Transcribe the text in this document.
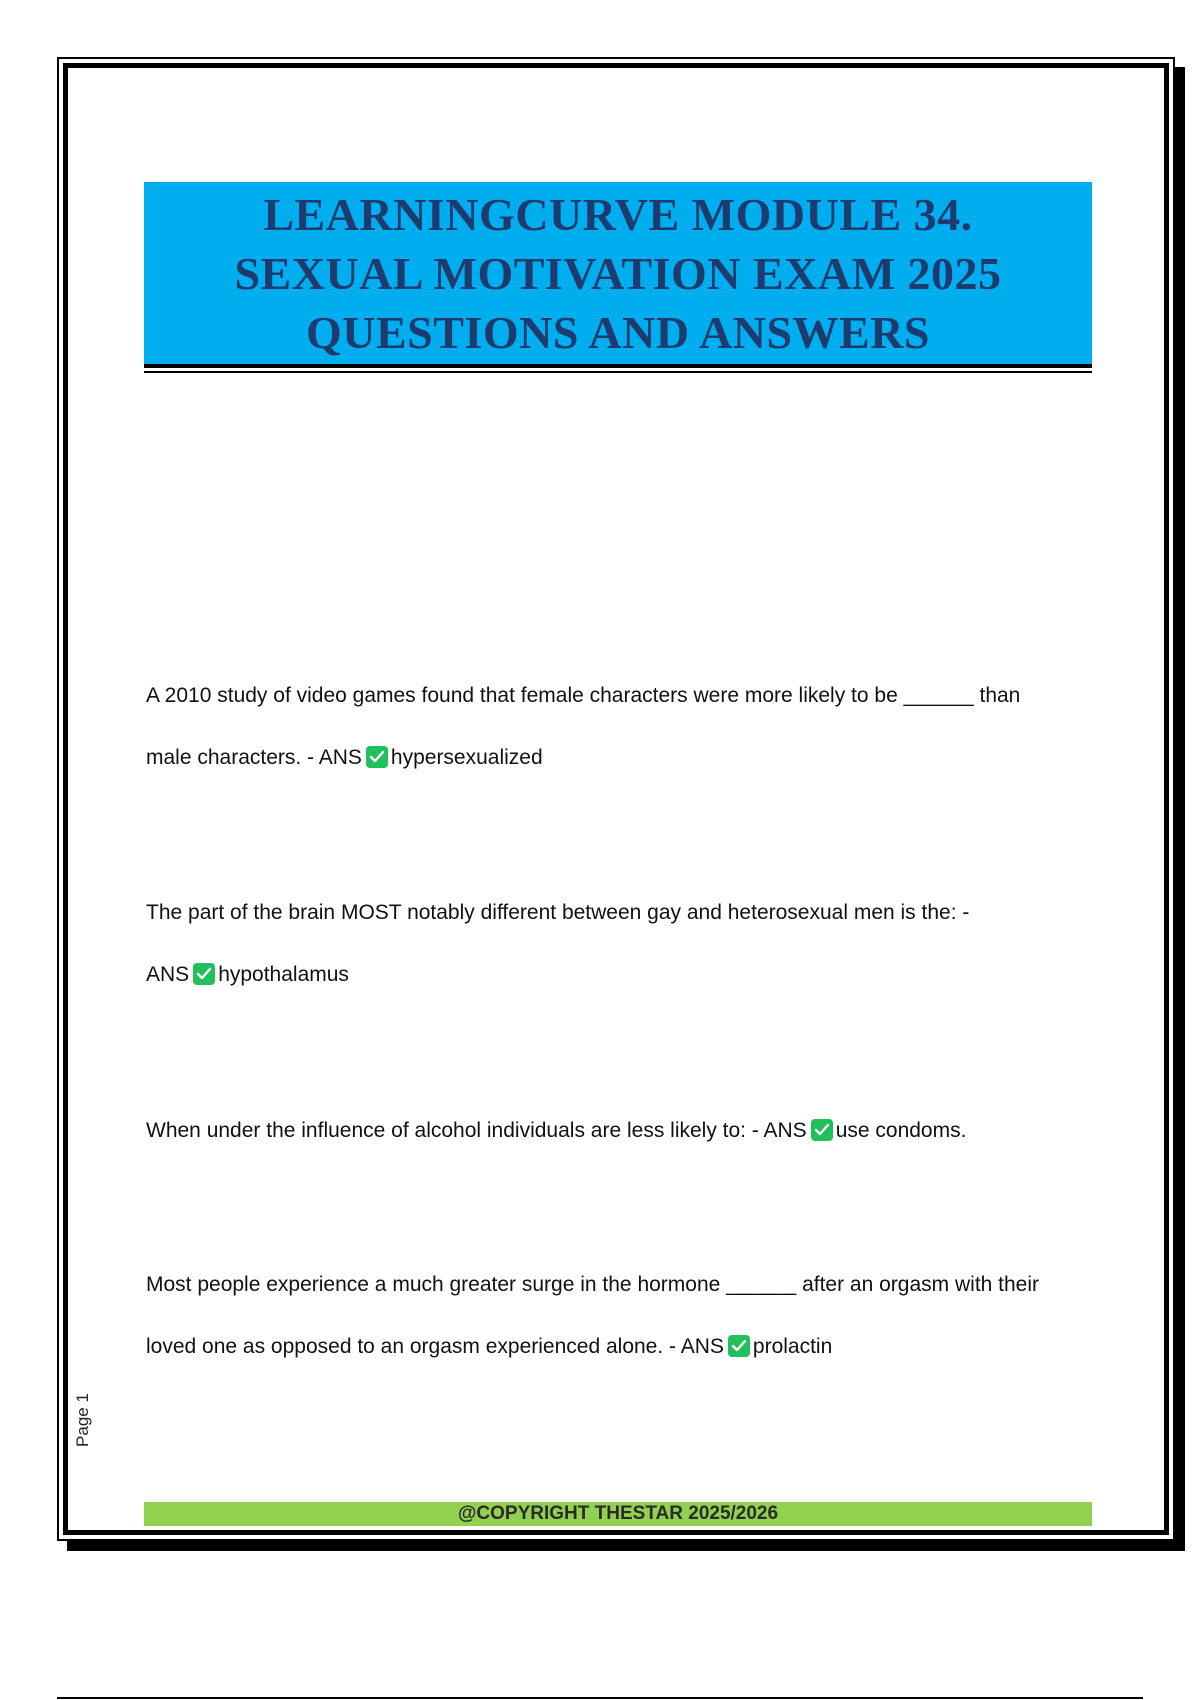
LEARNINGCURVE MODULE 34.
SEXUAL MOTIVATION EXAM 2025
QUESTIONS AND ANSWERS
A 2010 study of video games found that female characters were more likely to be ______ than
male characters. - ANS hypersexualized
The part of the brain MOST notably different between gay and heterosexual men is the: -
ANS hypothalamus
When under the influence of alcohol individuals are less likely to: - ANS use condoms.
Most people experience a much greater surge in the hormone ______ after an orgasm with their
loved one as opposed to an orgasm experienced alone. - ANS prolactin
Page 1
@COPYRIGHT THESTAR 2025/2026
